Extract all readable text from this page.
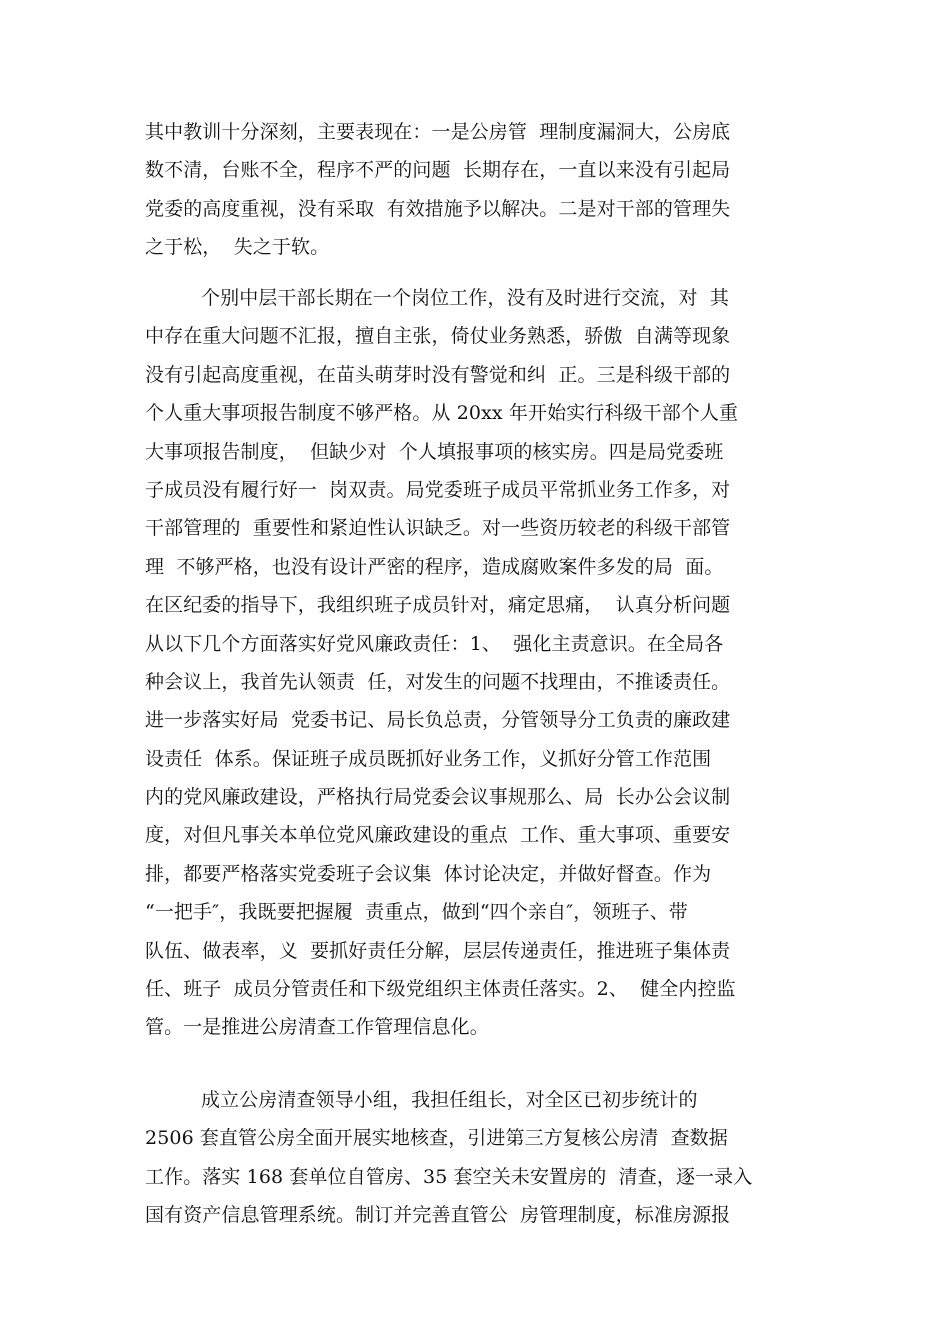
其中教训十分深刻，主要表现在：一是公房管  理制度漏洞大，公房底
数不清，台账不全，程序不严的问题  长期存在，一直以来没有引起局
党委的高度重视，没有采取  有效措施予以解决。二是对干部的管理失
之于松，  失之于软。
个别中层干部长期在一个岗位工作，没有及时进行交流，对  其
中存在重大问题不汇报，擅自主张，倚仗业务熟悉，骄傲  自满等现象
没有引起高度重视，在苗头萌芽时没有警觉和纠  正。三是科级干部的
个人重大事项报告制度不够严格。从 20xx 年开始实行科级干部个人重
大事项报告制度，  但缺少对  个人填报事项的核实房。四是局党委班
子成员没有履行好一  岗双责。局党委班子成员平常抓业务工作多，对
干部管理的  重要性和紧迫性认识缺乏。对一些资历较老的科级干部管
理  不够严格，也没有设计严密的程序，造成腐败案件多发的局  面。
在区纪委的指导下，我组织班子成员针对，痛定思痛，  认真分析问题
从以下几个方面落实好党风廉政责任：1、  强化主责意识。在全局各
种会议上，我首先认领责  任，对发生的问题不找理由，不推诿责任。
进一步落实好局  党委书记、局长负总责，分管领导分工负责的廉政建
设责任  体系。保证班子成员既抓好业务工作，义抓好分管工作范围
内的党风廉政建设，严格执行局党委会议事规那么、局  长办公会议制
度，对但凡事关本单位党风廉政建设的重点  工作、重大事项、重要安
排，都要严格落实党委班子会议集  体讨论决定，并做好督查。作为
“一把手″，我既要把握履  责重点，做到“四个亲自″，领班子、带
队伍、做表率，义  要抓好责任分解，层层传递责任，推进班子集体责
任、班子  成员分管责任和下级党组织主体责任落实。2、  健全内控监
管。一是推进公房清查工作管理信息化。
成立公房清查领导小组，我担任组长，对全区已初步统计的
2506 套直管公房全面开展实地核查，引进第三方复核公房清  查数据
工作。落实 168 套单位自管房、35 套空关未安置房的  清查，逐一录入
国有资产信息管理系统。制订并完善直管公  房管理制度，标准房源报
